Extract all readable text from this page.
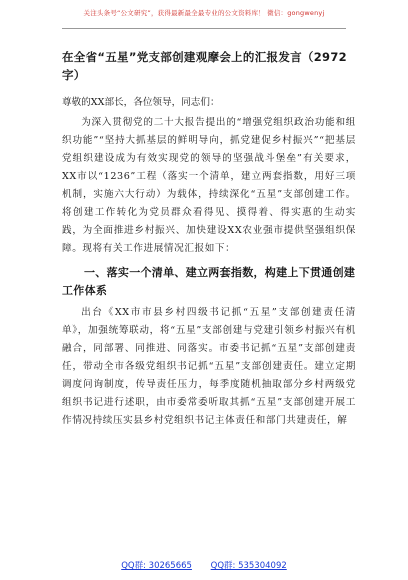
关注头条号“公文研究”，获得最新最全最专业的公文资料库！ 微信：gongwenyj
在全省“五星”党支部创建观摩会上的汇报发言（2972字）

尊敬的XX部长，各位领导，同志们：

为深入贯彻党的二十大报告提出的“增强党组织政治功能和组织功能”“坚持大抓基层的鲜明导向，抓党建促乡村振兴”“把基层党组织建设成为有效实现党的领导的坚强战斗堡垒”有关要求，XX市以“1236”工程（落实一个清单，建立两套指数，用好三项机制，实施六大行动）为载体，持续深化“五星”支部创建工作。将创建工作转化为党员群众看得见、摸得着、得实惠的生动实践，为全面推进乡村振兴、加快建设XX农业强市提供坚强组织保障。现将有关工作进展情况汇报如下：

一、落实一个清单、建立两套指数，构建上下贯通创建工作体系

出台《XX市市县乡村四级书记抓“五星”支部创建责任清单》，加强统筹联动，将“五星”支部创建与党建引领乡村振兴有机融合，同部署、同推进、同落实。市委书记抓“五星”支部创建责任，带动全市各级党组织书记抓“五星”支部创建责任。建立定期调度问询制度，传导责任压力，每季度随机抽取部分乡村两级党组织书记进行述职，由市委常委听取其抓“五星”支部创建开展工作情况持续压实县乡村党组织书记主体责任和部门共建责任，解

QQ群: 30265665 QQ群: 535304092
